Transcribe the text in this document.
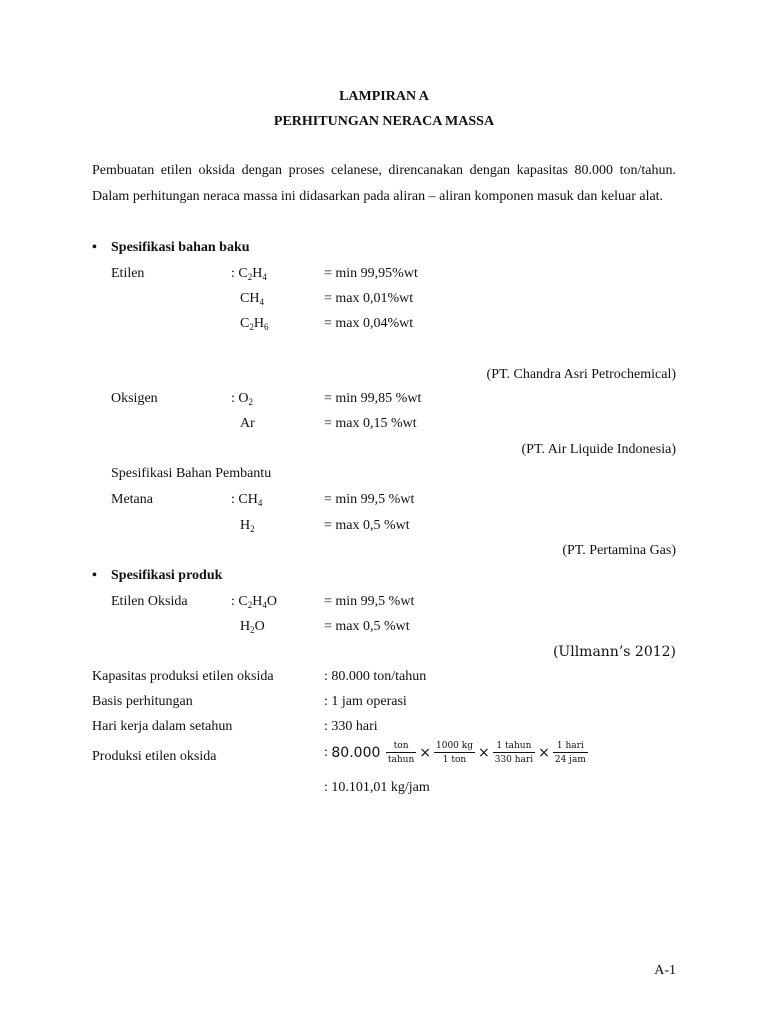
LAMPIRAN A
PERHITUNGAN NERACA MASSA
Pembuatan etilen oksida dengan proses celanese, direncanakan dengan kapasitas 80.000 ton/tahun. Dalam perhitungan neraca massa ini didasarkan pada aliran – aliran komponen masuk dan keluar alat.
• Spesifikasi bahan baku
Etilen	: $C_2H_4$	= min 99,95%wt
$CH_4$	= max 0,01%wt
$C_2H_6$	= max 0,04%wt
(PT. Chandra Asri Petrochemical)
Oksigen	: $O_2$	= min 99,85 %wt
Ar	= max 0,15 %wt
(PT. Air Liquide Indonesia)
Spesifikasi Bahan Pembantu
Metana	: $CH_4$	= min 99,5 %wt
$H_2$	= max 0,5 %wt
(PT. Pertamina Gas)
• Spesifikasi produk
Etilen Oksida	: $C_2H_4O$	= min 99,5 %wt
$H_2O$	= max 0,5 %wt
(Ullmann’s 2012)
Kapasitas produksi etilen oksida	: 80.000 ton/tahun
Basis perhitungan	: 1 jam operasi
Hari kerja dalam setahun	: 330 hari
Produksi etilen oksida	: $80.000 \frac{\text{ton}}{\text{tahun}} \times \frac{1000 kg}{\text{1 ton}} \times \frac{\text{1 tahun}}{\text{330 hari}} \times \frac{\text{1 hari}}{\text{24 jam}}$
: 10.101,01 kg/jam
A-1
